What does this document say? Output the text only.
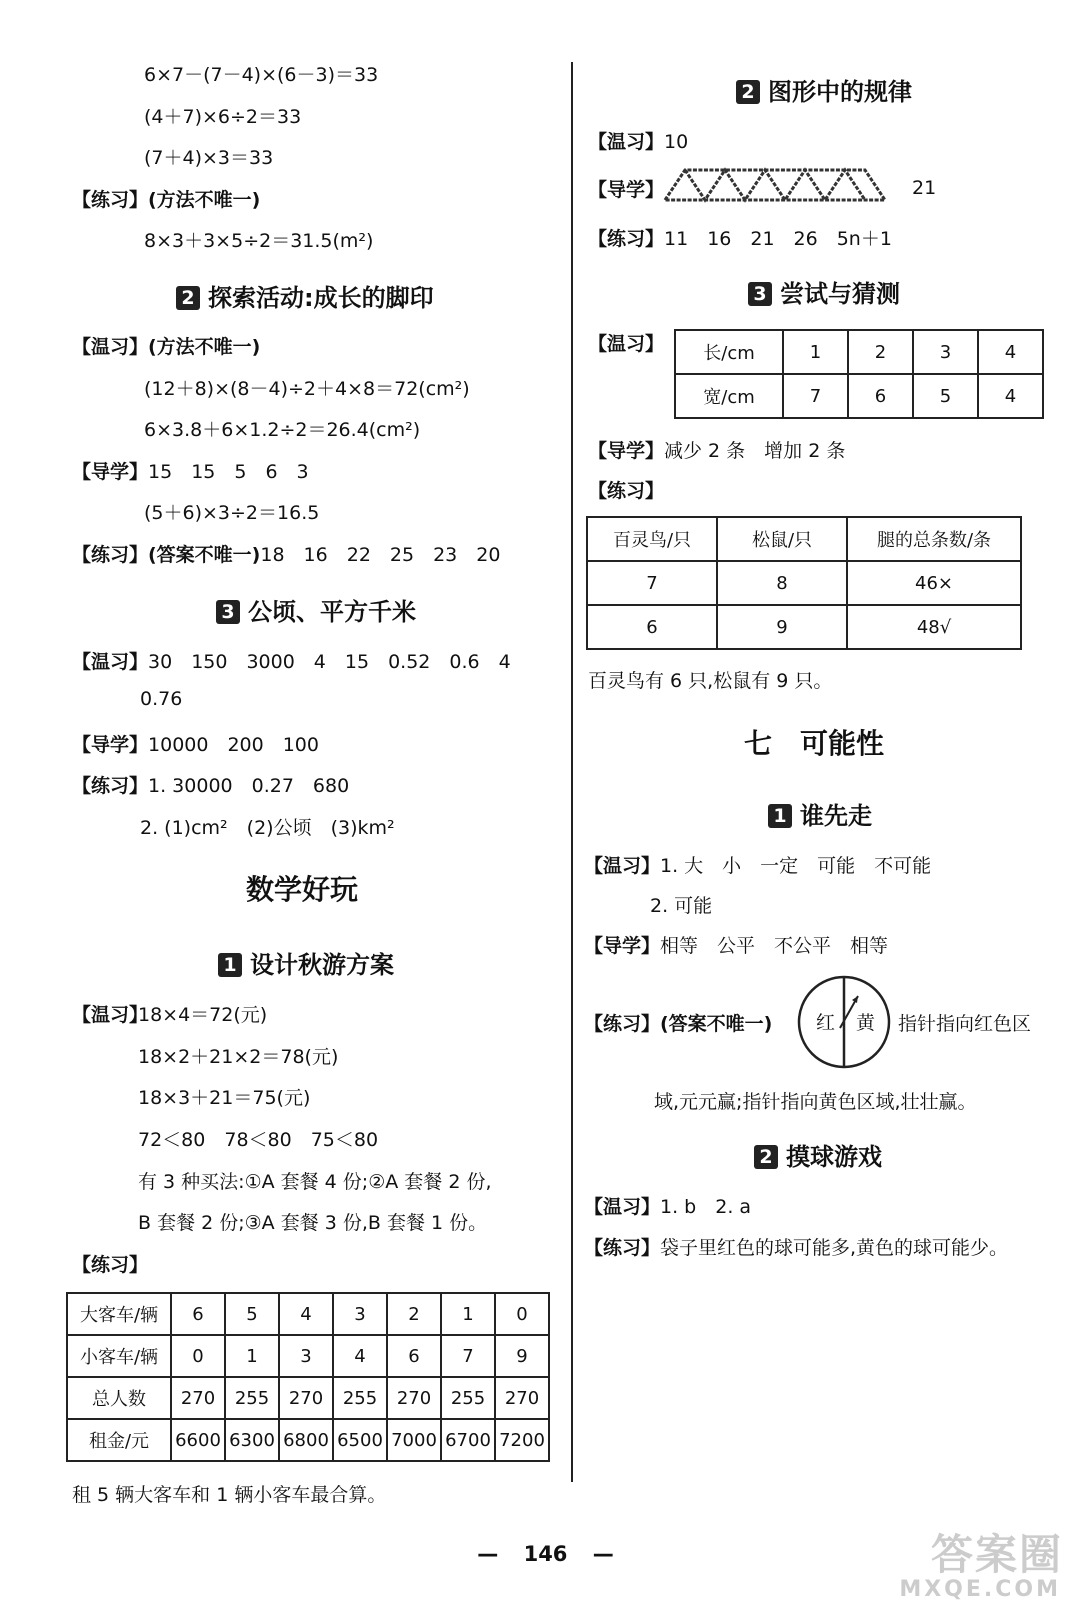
6×7－(7－4)×(6－3)＝33
(4＋7)×6÷2＝33
(7＋4)×3＝33
【练习】(方法不唯一)
8×3＋3×5÷2＝31.5(m²)
2 探索活动:成长的脚印
【温习】(方法不唯一)
(12＋8)×(8－4)÷2＋4×8＝72(cm²)
6×3.8＋6×1.2÷2＝26.4(cm²)
【导学】15　15　5　6　3
(5＋6)×3÷2＝16.5
【练习】(答案不唯一)18　16　22　25　23　20
3 公顷、平方千米
【温习】30　150　3000　4　15　0.52　0.6　4
0.76
【导学】10000　200　100
【练习】1. 30000　0.27　680
2. (1)cm²　(2)公顷　(3)km²
数学好玩
1 设计秋游方案
【温习】
18×4＝72(元)
18×2＋21×2＝78(元)
18×3＋21＝75(元)
72＜80　78＜80　75＜80
有 3 种买法:①A 套餐 4 份;②A 套餐 2 份,
B 套餐 2 份;③A 套餐 3 份,B 套餐 1 份。
【练习】
大客车/辆	6	5	4	3	2	1	0
小客车/辆	0	1	3	4	6	7	9
总人数	270	255	270	255	270	255	270
租金/元	6600	6300	6800	6500	7000	6700	7200
租 5 辆大客车和 1 辆小客车最合算。
2 图形中的规律
【温习】10
【导学】	21
【练习】11　16　21　26　5n＋1
3 尝试与猜测
【温习】 长/cm	1	2	3	4
宽/cm	7	6	5	4
【导学】减少 2 条　增加 2 条
【练习】
百灵鸟/只	松鼠/只	腿的总条数/条
7	8	46×
6	9	48√
百灵鸟有 6 只,松鼠有 9 只。
七　可能性
1 谁先走
【温习】1. 大　小　一定　可能　不可能
2. 可能
【导学】相等　公平　不公平　相等
【练习】(答案不唯一) 红 黄 指针指向红色区
域,元元赢;指针指向黄色区域,壮壮赢。
2 摸球游戏
【温习】1. b　2. a
【练习】袋子里红色的球可能多,黄色的球可能少。
— 146 —	答案圈
MXQE.COM
